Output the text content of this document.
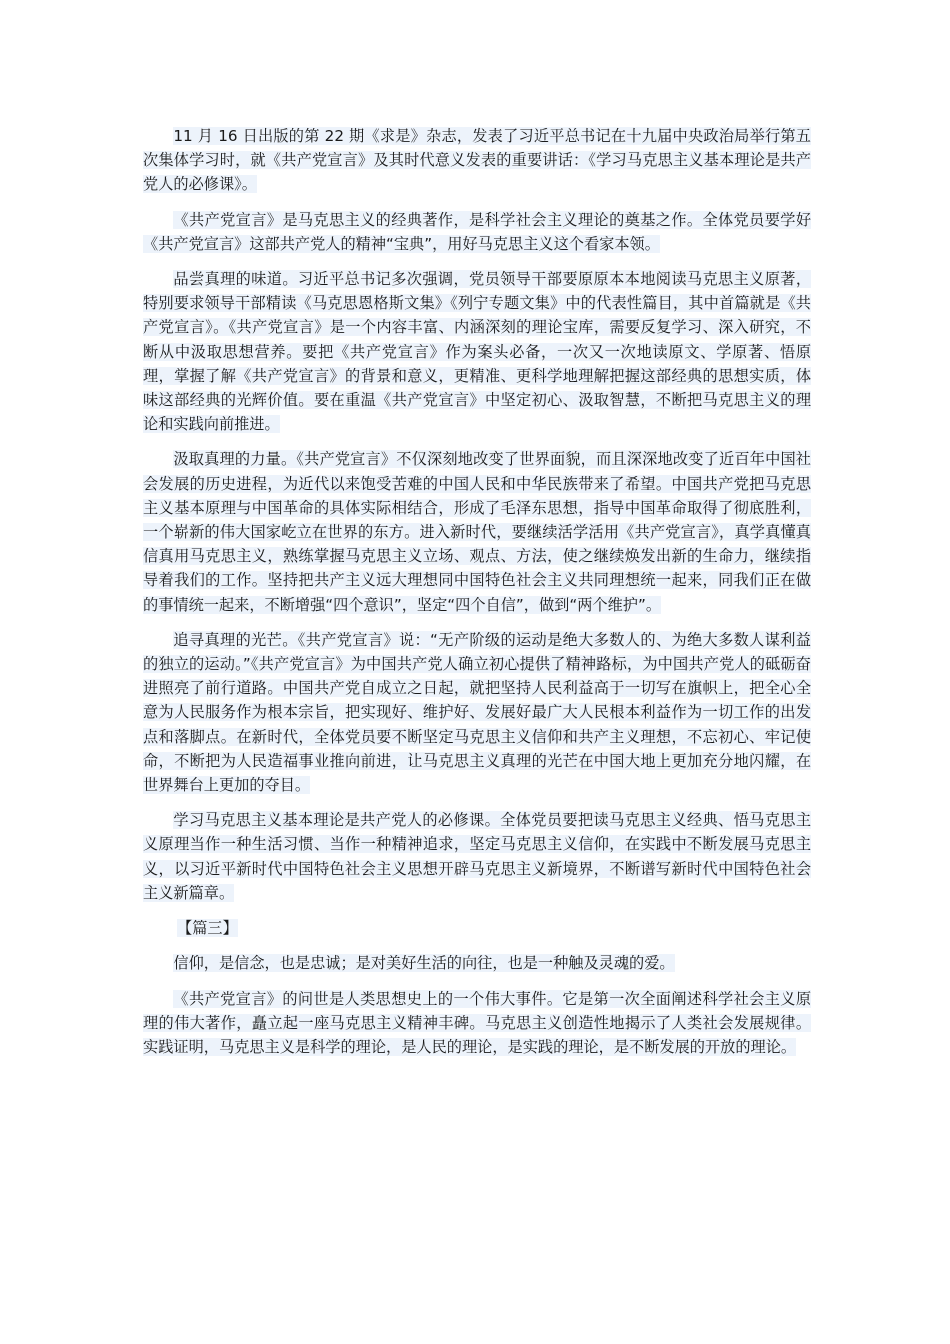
11 月 16 日出版的第 22 期《求是》杂志，发表了习近平总书记在十九届中央政治局举行第五次集体学习时，就《共产党宣言》及其时代意义发表的重要讲话：《学习马克思主义基本理论是共产党人的必修课》。

《共产党宣言》是马克思主义的经典著作，是科学社会主义理论的奠基之作。全体党员要学好《共产党宣言》这部共产党人的精神“宝典”，用好马克思主义这个看家本领。

品尝真理的味道。习近平总书记多次强调，党员领导干部要原原本本地阅读马克思主义原著，特别要求领导干部精读《马克思恩格斯文集》《列宁专题文集》中的代表性篇目，其中首篇就是《共产党宣言》。《共产党宣言》是一个内容丰富、内涵深刻的理论宝库，需要反复学习、深入研究，不断从中汲取思想营养。要把《共产党宣言》作为案头必备，一次又一次地读原文、学原著、悟原理，掌握了解《共产党宣言》的背景和意义，更精准、更科学地理解把握这部经典的思想实质，体味这部经典的光辉价值。要在重温《共产党宣言》中坚定初心、汲取智慧，不断把马克思主义的理论和实践向前推进。

汲取真理的力量。《共产党宣言》不仅深刻地改变了世界面貌，而且深深地改变了近百年中国社会发展的历史进程，为近代以来饱受苦难的中国人民和中华民族带来了希望。中国共产党把马克思主义基本原理与中国革命的具体实际相结合，形成了毛泽东思想，指导中国革命取得了彻底胜利，一个崭新的伟大国家屹立在世界的东方。进入新时代，要继续活学活用《共产党宣言》，真学真懂真信真用马克思主义，熟练掌握马克思主义立场、观点、方法，使之继续焕发出新的生命力，继续指导着我们的工作。坚持把共产主义远大理想同中国特色社会主义共同理想统一起来，同我们正在做的事情统一起来，不断增强“四个意识”，坚定“四个自信”，做到“两个维护”。

追寻真理的光芒。《共产党宣言》说：“无产阶级的运动是绝大多数人的、为绝大多数人谋利益的独立的运动。”《共产党宣言》为中国共产党人确立初心提供了精神路标，为中国共产党人的砥砺奋进照亮了前行道路。中国共产党自成立之日起，就把坚持人民利益高于一切写在旗帜上，把全心全意为人民服务作为根本宗旨，把实现好、维护好、发展好最广大人民根本利益作为一切工作的出发点和落脚点。在新时代，全体党员要不断坚定马克思主义信仰和共产主义理想，不忘初心、牢记使命，不断把为人民造福事业推向前进，让马克思主义真理的光芒在中国大地上更加充分地闪耀，在世界舞台上更加的夺目。

学习马克思主义基本理论是共产党人的必修课。全体党员要把读马克思主义经典、悟马克思主义原理当作一种生活习惯、当作一种精神追求，坚定马克思主义信仰，在实践中不断发展马克思主义，以习近平新时代中国特色社会主义思想开辟马克思主义新境界，不断谱写新时代中国特色社会主义新篇章。

【篇三】

信仰，是信念，也是忠诚；是对美好生活的向往，也是一种触及灵魂的爱。

《共产党宣言》的问世是人类思想史上的一个伟大事件。它是第一次全面阐述科学社会主义原理的伟大著作，矗立起一座马克思主义精神丰碑。马克思主义创造性地揭示了人类社会发展规律。实践证明，马克思主义是科学的理论，是人民的理论，是实践的理论，是不断发展的开放的理论。
